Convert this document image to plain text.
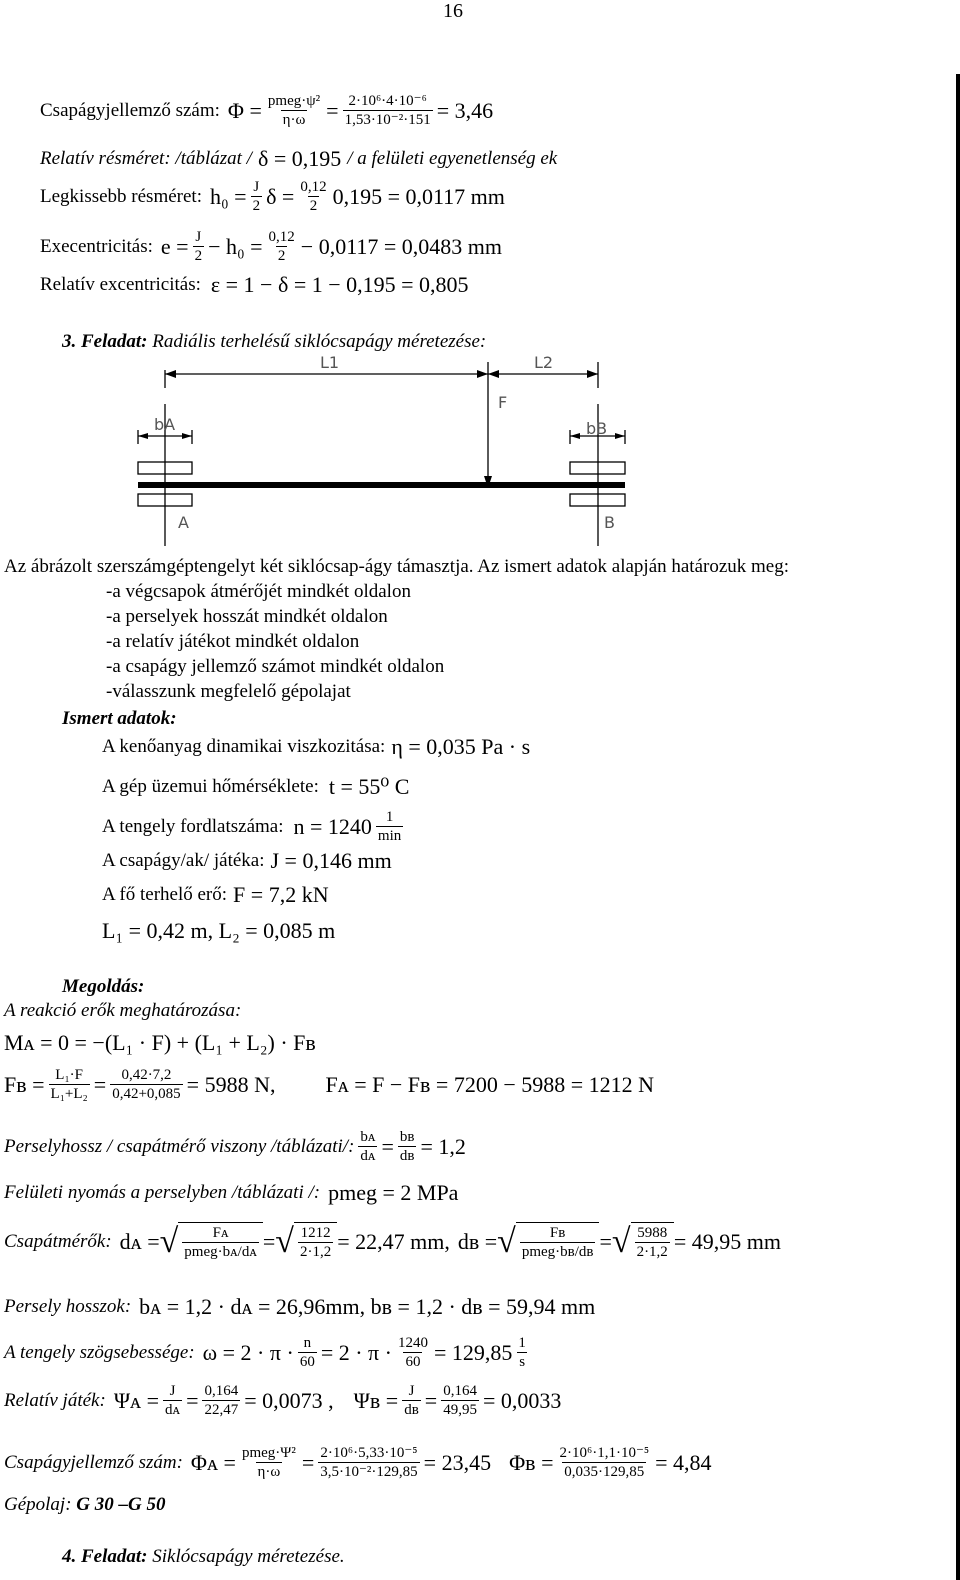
16
Csapágyjellemző szám: $\Phi = \frac{\text{pmeg·ψ²}}{\eta\cdot\omega} = \frac{\text{2·10⁶·4·10⁻⁶}}{\text{1,53·10⁻²·151}} = 3,46$
Relatív résméret: /táblázat / δ = 0,195 / a felületi egyenetlenség ek
Legkissebb résméret: $h_0 = \frac{J}{2}$ $\delta = \frac{0,12}{2} 0,195 = 0,0117$ mm
Execentricitás: $e = \frac{J}{2} - h_0 = \frac{0,12}{2} - 0,0117 = 0,0483$ mm
Relatív excentricitás: ε = 1 − δ = 1 − 0,195 = 0,805
3. Feladat: Radiális terhelésű siklócsapágy méretezése:
L1	L2
F
bA	bB
A	B
Az ábrázolt szerszámgéptengelyt két siklócsap-ágy támasztja. Az ismert adatok alapján határozuk meg:
-a végcsapok átmérőjét mindkét oldalon
-a perselyek hosszát mindkét oldalon
-a relatív játékot mindkét oldalon
-a csapágy jellemző számot mindkét oldalon
-válasszunk megfelelő gépolajat
Ismert adatok:
A kenőanyag dinamikai viszkozitása: η = 0,035 Pa · s
A gép üzemui hőmérséklete: t = 55⁰ C
A tengely fordlatszáma: $n = 1240 \frac{1}{\min}$
A csapágy/ak/ játéka: J = 0,146 mm
A fő terhelő erő: F = 7,2 kN
L₁ = 0,42 m, L₂ = 0,085 m
Megoldás:
A reakció erők meghatározása:
Mᴀ = 0 = −(L₁ · F) + (L₁ + L₂) · Fʙ
Fʙ = $\frac{\text{L₁·F}}{\text{L₁+L₂}} = \frac{0,42\cdot 7,2}{0,42+0,085} = 5988$ N, Fᴀ = F − Fʙ = 7200 − 5988 = 1212 N
Perselyhossz / csapátmérő viszony /táblázati/: $\frac{\text{bᴀ}}{\text{dᴀ}} = \frac{\text{bʙ}}{\text{dʙ}} = 1,2$
Felületi nyomás a perselyben /táblázati /: pmeg = 2 MPa
Csapátmérők: dᴀ = √ $\frac{\text{Fᴀ}}{\text{pmeg·bᴀ/dᴀ}}$ = √ $\frac{1212}{2\cdot 1,2} = 22,47$ mm, dʙ = √ $\frac{\text{Fʙ}}{\text{pmeg·bʙ/dʙ}}$ = √ $\frac{5988}{2\cdot 1,2} = 49,95$ mm
Persely hosszok: bᴀ = 1,2 · dᴀ = 26,96mm, bʙ = 1,2 · dʙ = 59,94 mm
A tengely szögsebessége: $\omega = 2 \cdot \pi \cdot \frac{n}{60} = 2 \cdot \pi \cdot \frac{1240}{60} = 129,85 \frac{1}{s}$
Relatív játék: Ψᴀ = $\frac{J}{\text{dᴀ}} = \frac{0,164}{22,47} = 0,0073$ , Ψʙ = $\frac{J}{\text{dʙ}} = \frac{0,164}{49,95} = 0,0033$
Csapágyjellemző szám: Φᴀ = $\frac{\text{pmeg·Ψ²}}{\eta\cdot\omega} = \frac{\text{2·10⁶·5,33·10⁻⁵}}{\text{3,5·10⁻²·129,85}} = 23,45$ Φʙ = $\frac{\text{2·10⁶·1,1·10⁻⁵}}{0,035\cdot 129,85} = 4,84$
Gépolaj: G 30 –G 50
4. Feladat: Siklócsapágy méretezése.
